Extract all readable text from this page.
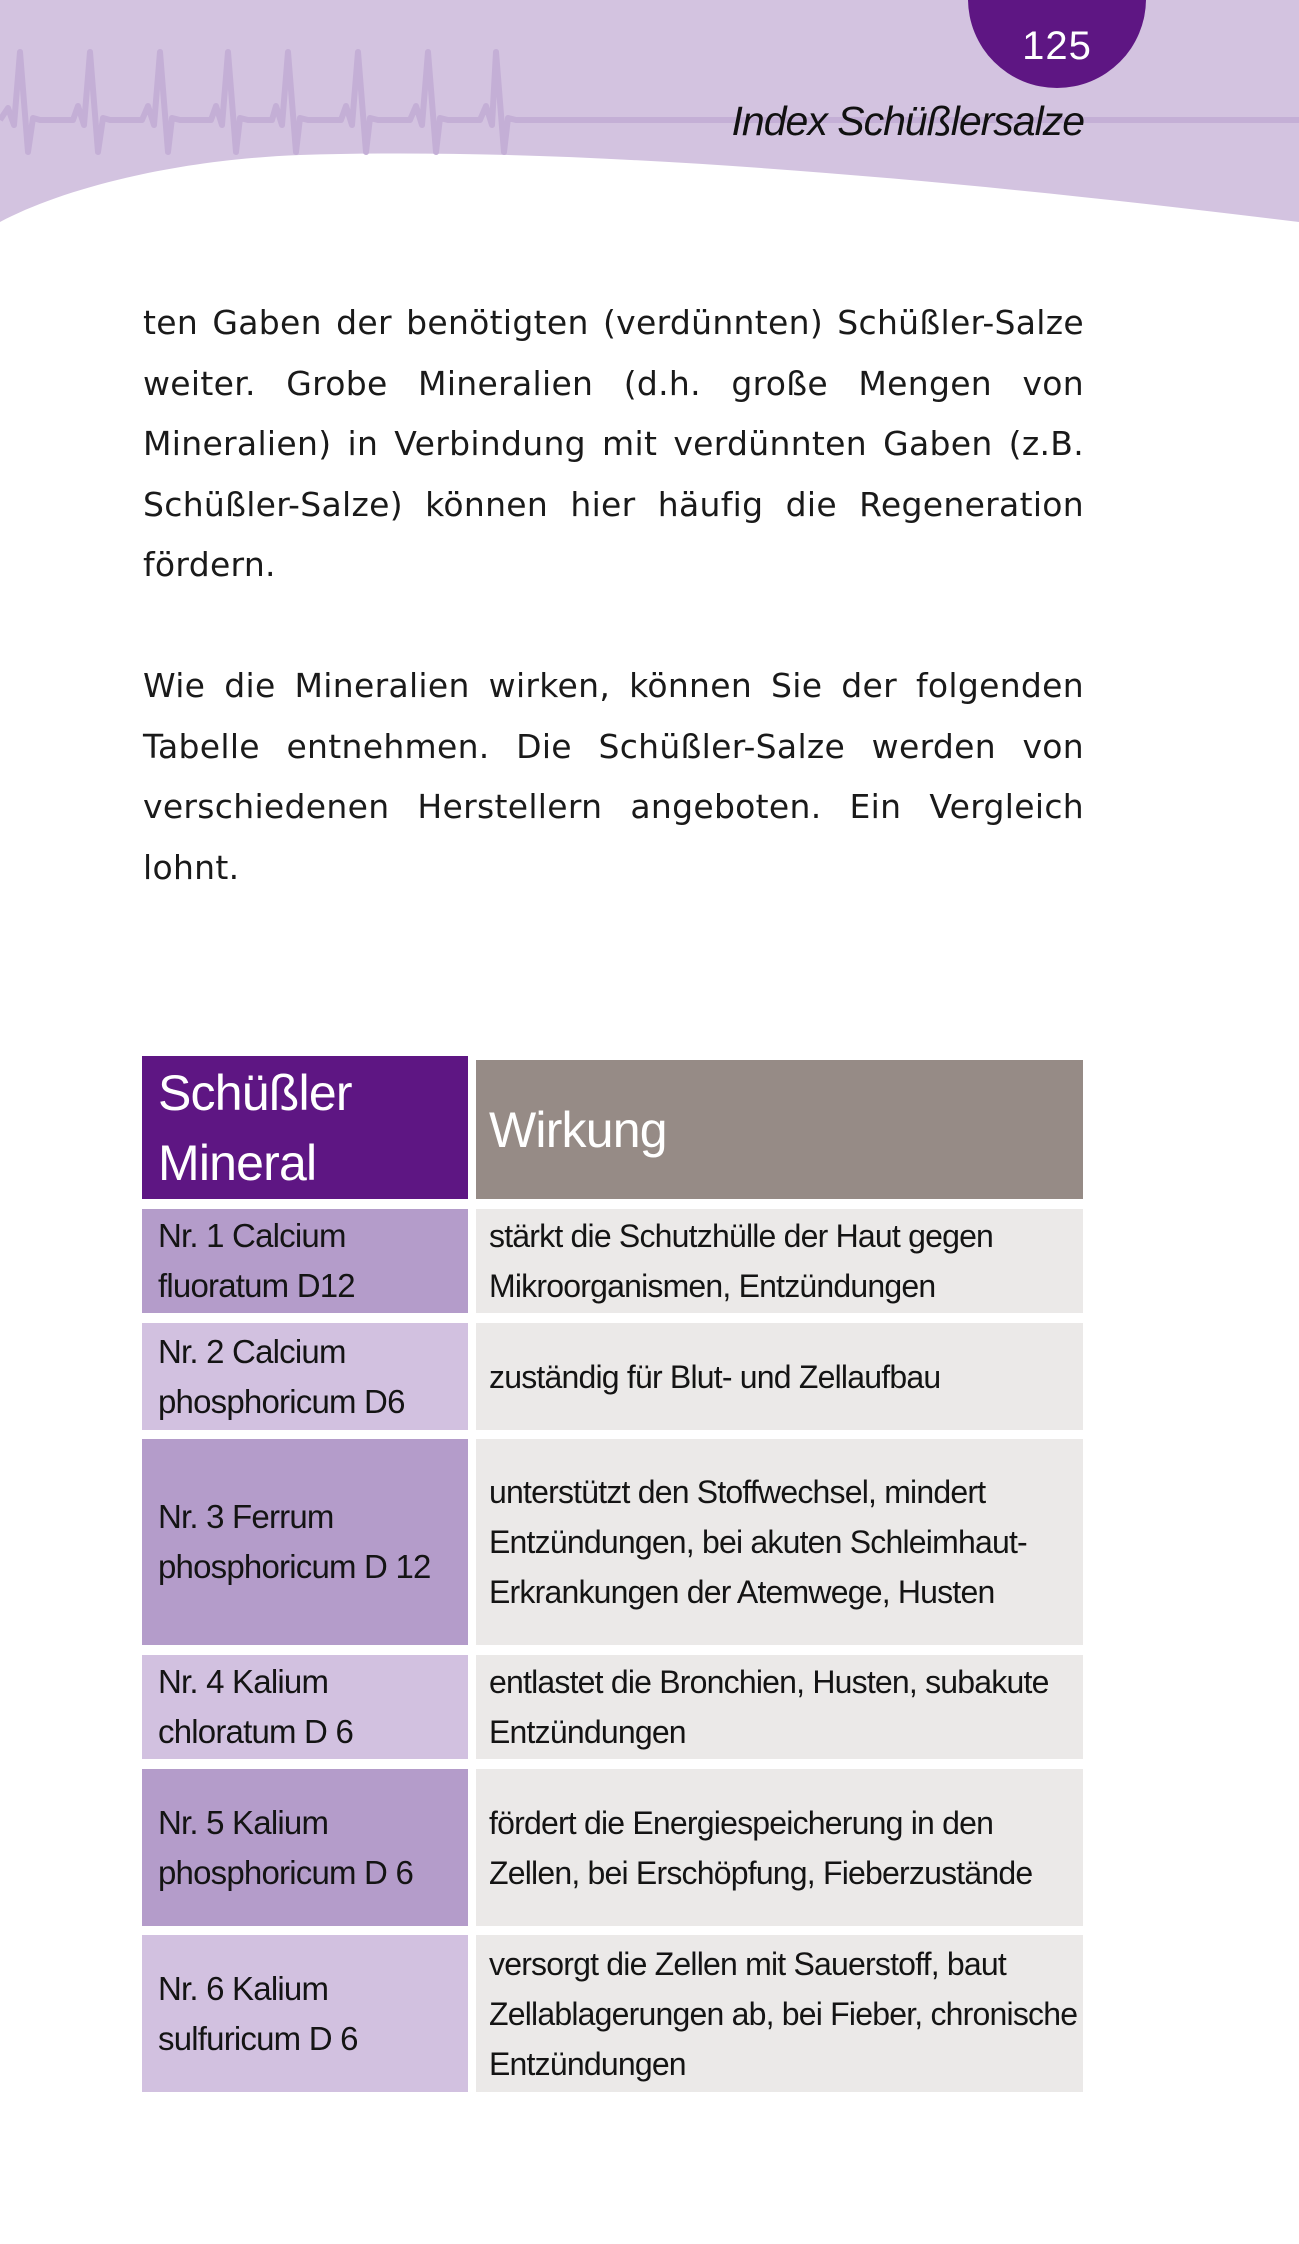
125
Index Schüßlersalze

ten Gaben der benötigten (verdünnten) Schüßler-Salze weiter. Grobe Mineralien (d.h. große Mengen von Mineralien) in Verbindung mit verdünnten Gaben (z.B. Schüßler-Salze) können hier häufig die Regeneration fördern.

Wie die Mineralien wirken, können Sie der folgenden Tabelle entnehmen. Die Schüßler-Salze werden von verschiedenen Herstellern angeboten. Ein Vergleich lohnt.

Schüßler Mineral
Wirkung
Nr. 1 Calcium fluoratum D12
stärkt die Schutzhülle der Haut gegen Mikroorganismen, Entzündungen
Nr. 2 Calcium phosphoricum D6
zuständig für Blut- und Zellaufbau
Nr. 3 Ferrum phosphoricum D 12
unterstützt den Stoffwechsel, mindert Entzündungen, bei akuten Schleimhaut-Erkrankungen der Atemwege, Husten
Nr. 4 Kalium chloratum D 6
entlastet die Bronchien, Husten, subakute Entzündungen
Nr. 5 Kalium phosphoricum D 6
fördert die Energiespeicherung in den Zellen, bei Erschöpfung, Fieberzustände
Nr. 6 Kalium sulfuricum D 6
versorgt die Zellen mit Sauerstoff, baut Zellablagerungen ab, bei Fieber, chronische Entzündungen
